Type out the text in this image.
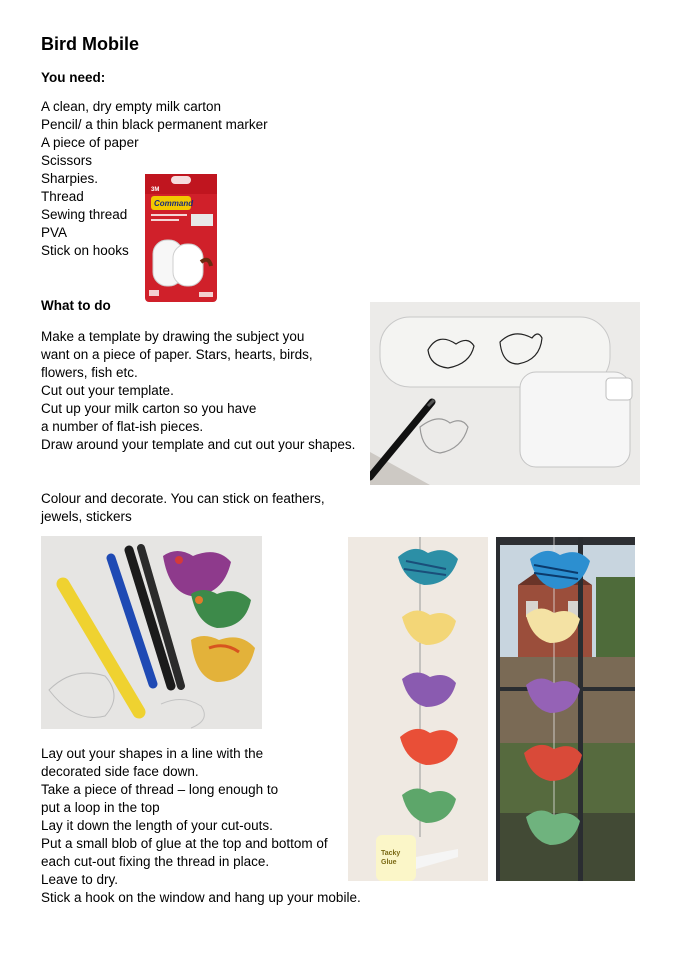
Bird Mobile
You need:
A clean, dry empty milk carton
Pencil/ a thin black permanent marker
A piece of paper
Scissors
Sharpies.
Thread
Sewing thread
PVA
Stick on hooks
3M
Command
What to do
Make a template by drawing the subject you
want on a piece of paper. Stars, hearts, birds,
flowers, fish etc.
Cut out your template.
Cut up your milk carton so you have
a number of flat-ish pieces.
Draw around your template and cut out your shapes.
Colour and decorate. You can stick on feathers,
jewels, stickers
Tacky
Glue
Lay out your shapes in a line with the
decorated side face down.
Take a piece of thread – long enough to
put a loop in the top
Lay it down the length of your cut-outs.
Put a small blob of glue at the top and bottom of
each cut-out fixing the thread in place.
Leave to dry.
Stick a hook on the window and hang up your mobile.
